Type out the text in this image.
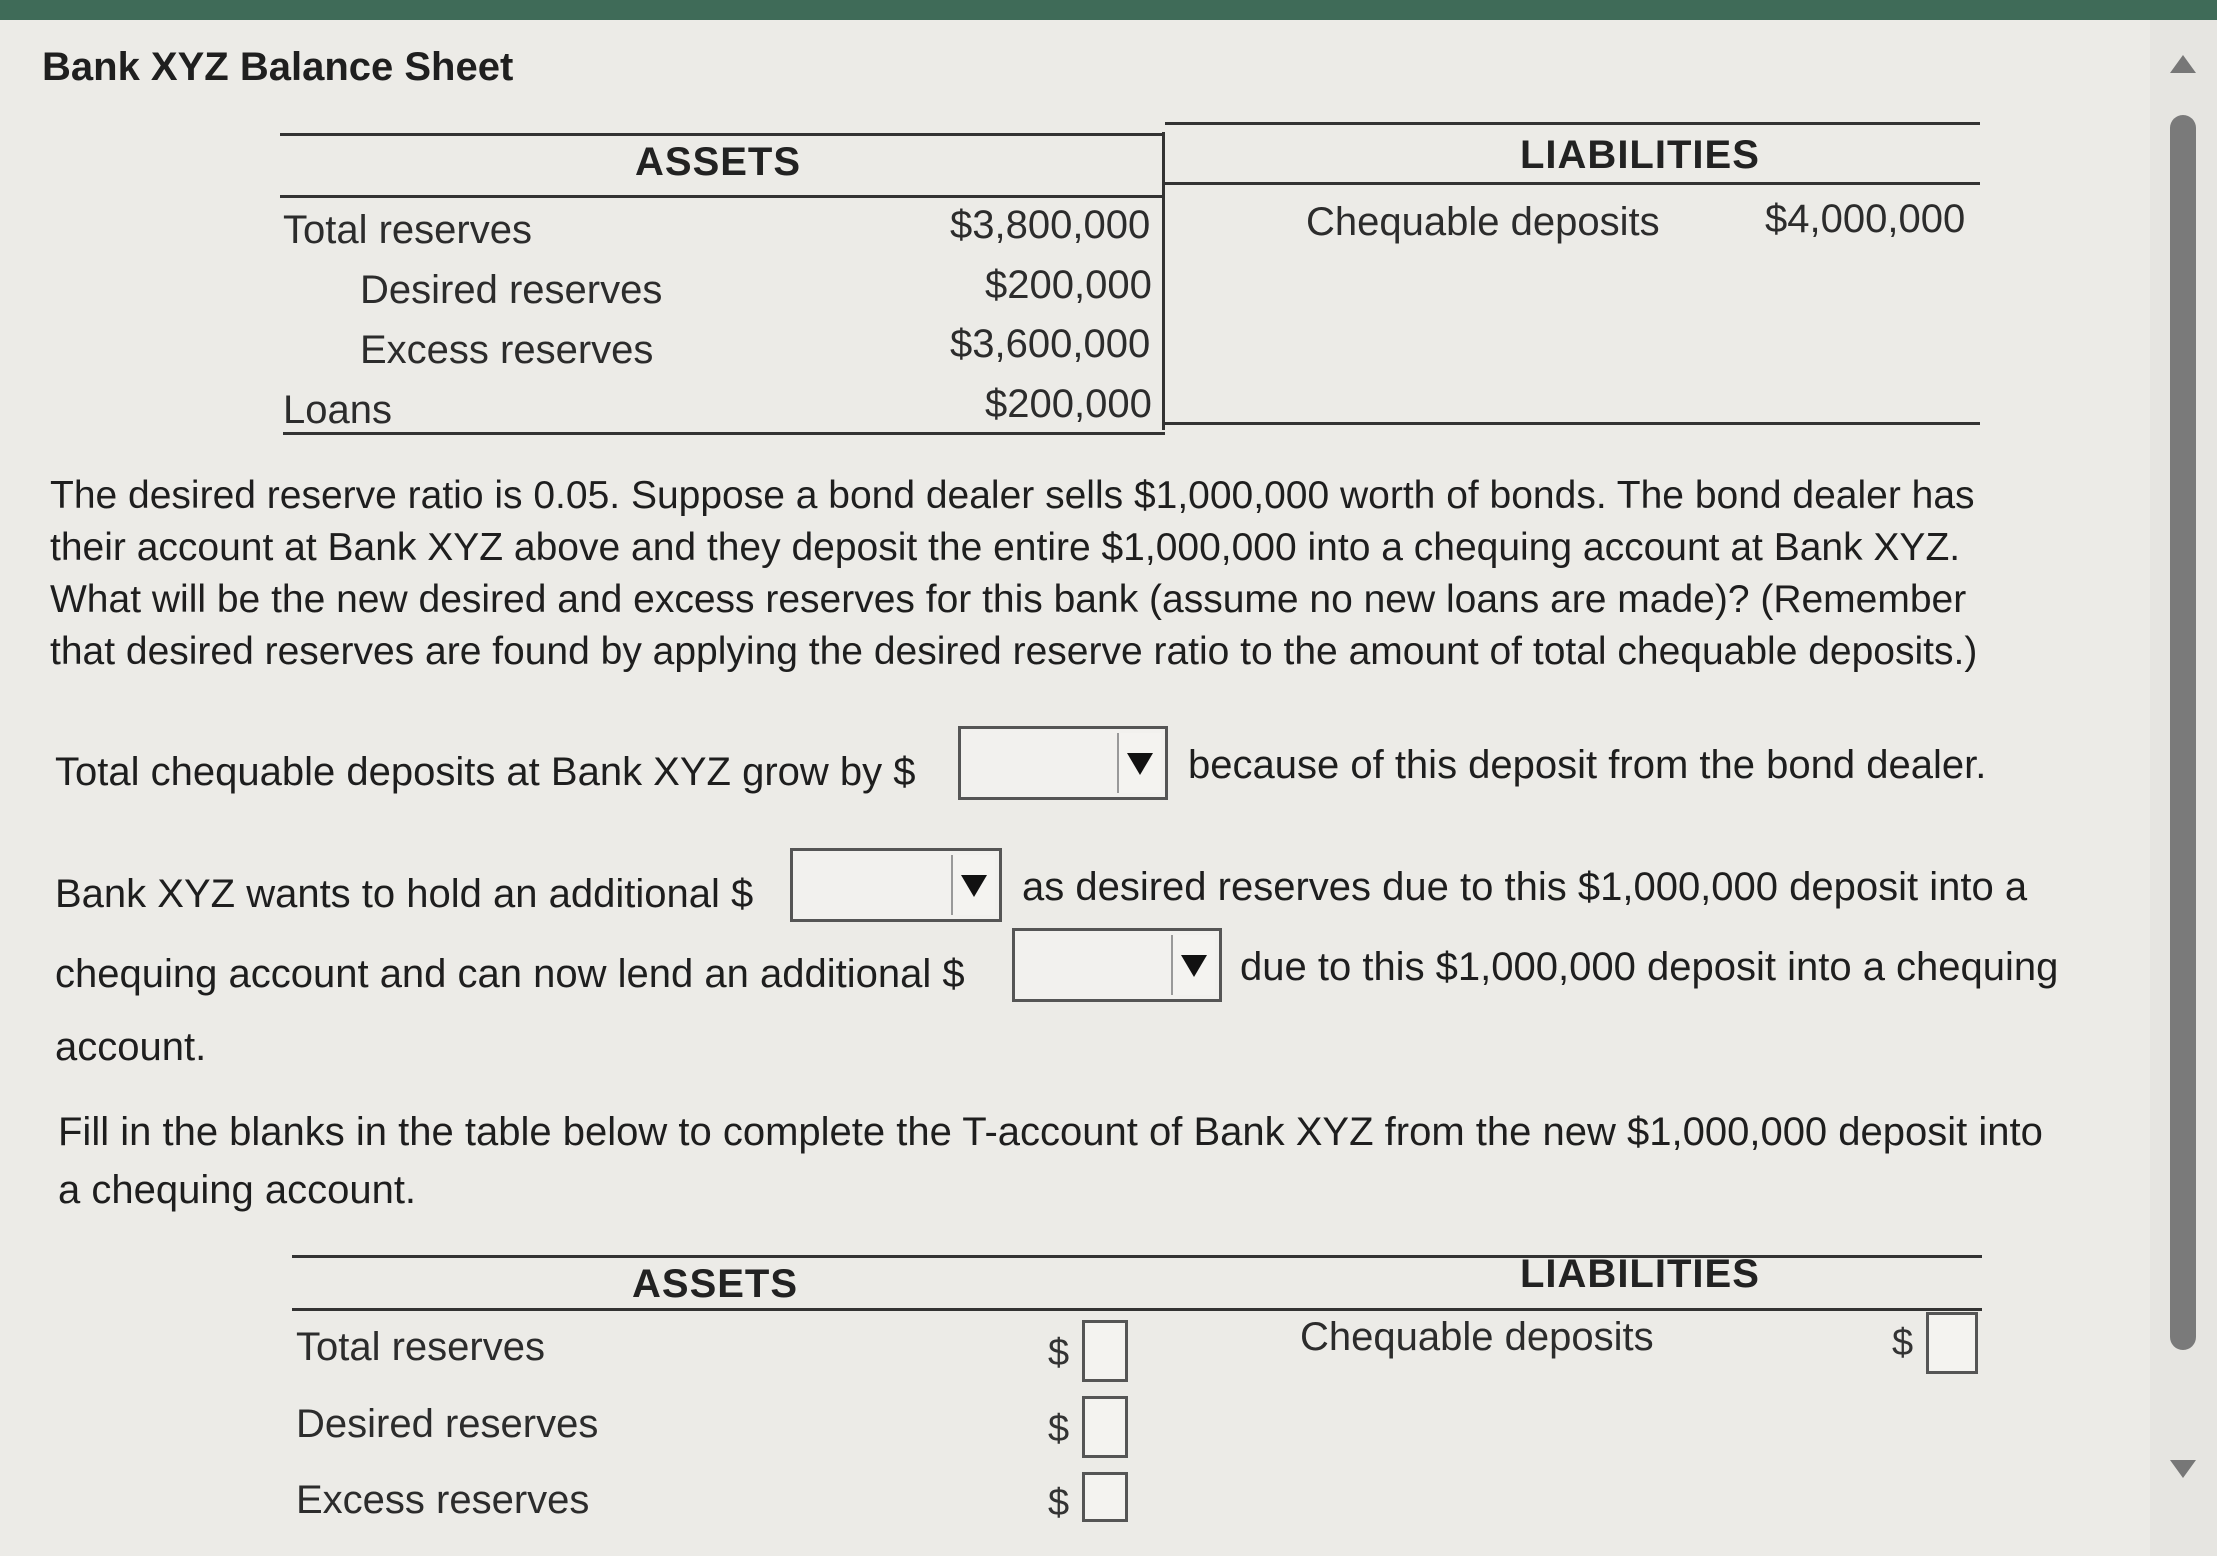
Bank XYZ Balance Sheet
ASSETS	LIABILITIES
Total reserves	$3,800,000
Desired reserves	$200,000
Excess reserves	$3,600,000
Loans	$200,000
Chequable deposits	$4,000,000
The desired reserve ratio is 0.05. Suppose a bond dealer sells $1,000,000 worth of bonds. The bond dealer has
their account at Bank XYZ above and they deposit the entire $1,000,000 into a chequing account at Bank XYZ.
What will be the new desired and excess reserves for this bank (assume no new loans are made)? (Remember
that desired reserves are found by applying the desired reserve ratio to the amount of total chequable deposits.)
Total chequable deposits at Bank XYZ grow by $	because of this deposit from the bond dealer.
Bank XYZ wants to hold an additional $	as desired reserves due to this $1,000,000 deposit into a
chequing account and can now lend an additional $	due to this $1,000,000 deposit into a chequing
account.
Fill in the blanks in the table below to complete the T-account of Bank XYZ from the new $1,000,000 deposit into
a chequing account.
ASSETS	LIABILITIES
Total reserves	$
Desired reserves	$
Excess reserves	$
Chequable deposits	$
